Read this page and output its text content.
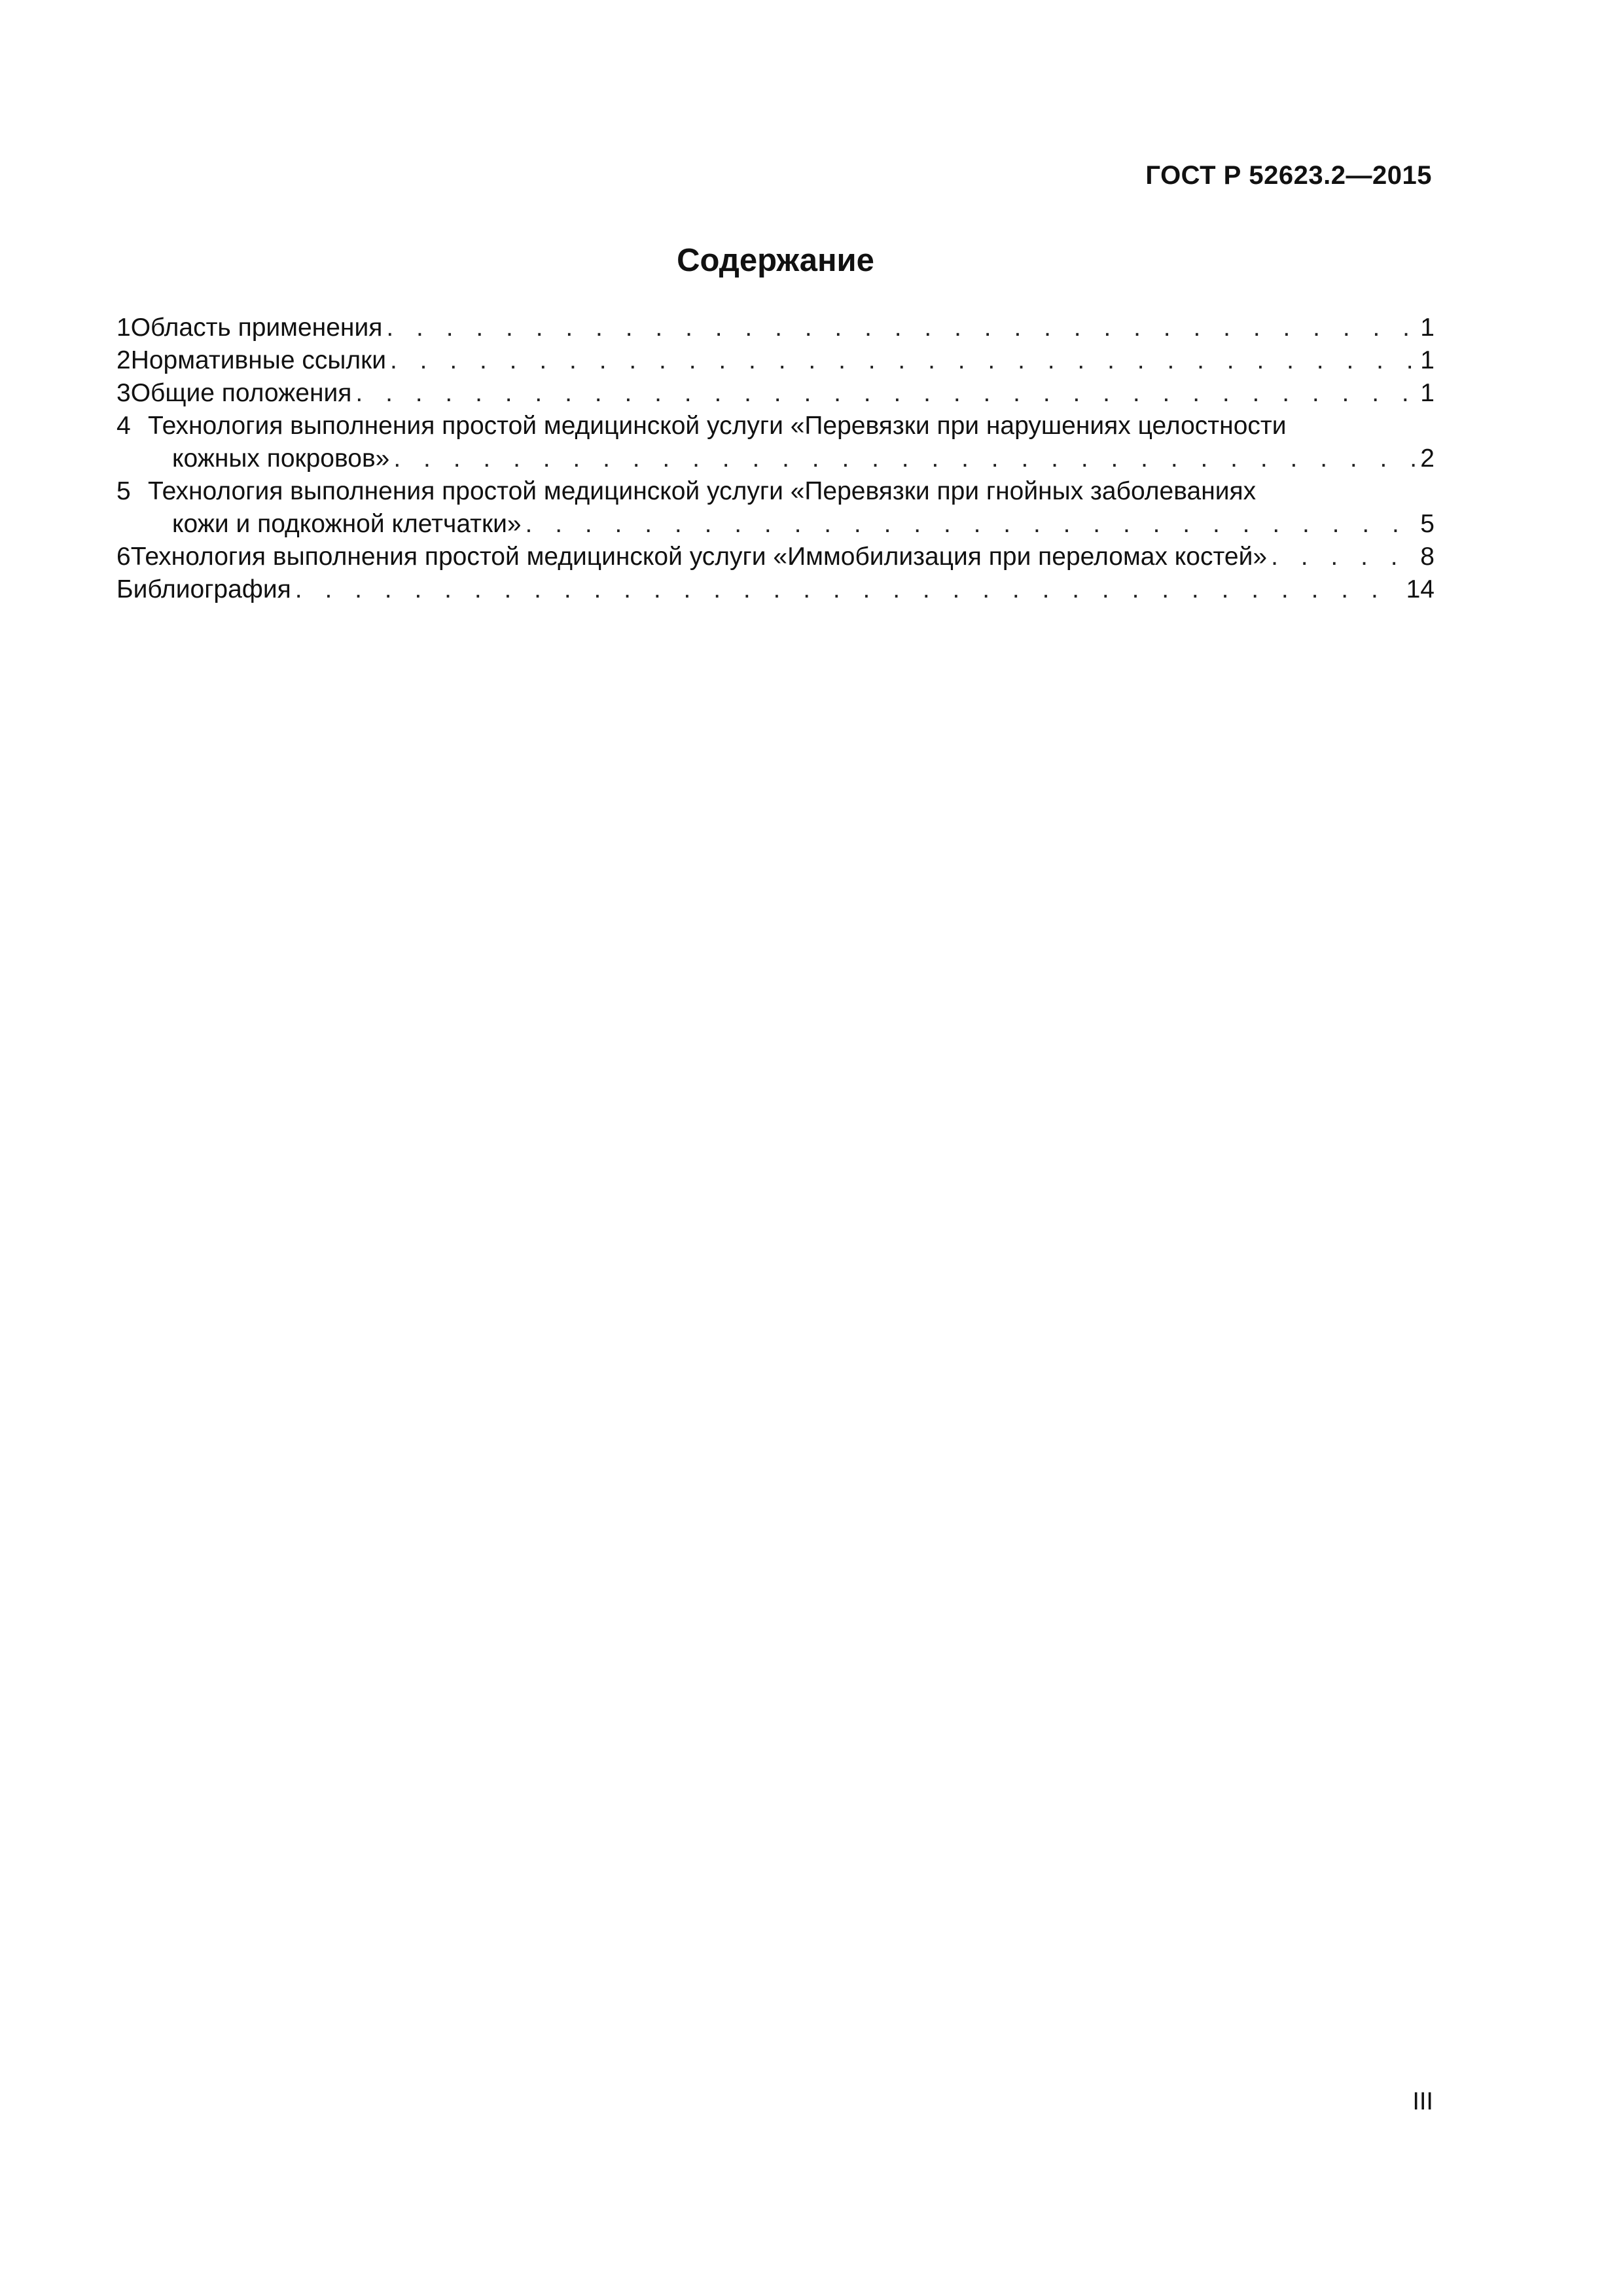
ГОСТ Р 52623.2—2015
Содержание
1 Область применения . . .	1
2 Нормативные ссылки . . .	1
3 Общие положения . . .	1
4 Технология выполнения простой медицинской услуги «Перевязки при нарушениях целостности
кожных покровов» . . .	2
5 Технология выполнения простой медицинской услуги «Перевязки при гнойных заболеваниях
кожи и подкожной клетчатки» . . .	5
6 Технология выполнения простой медицинской услуги «Иммобилизация при переломах костей» . . .	8
Библиография . . .	14
III
